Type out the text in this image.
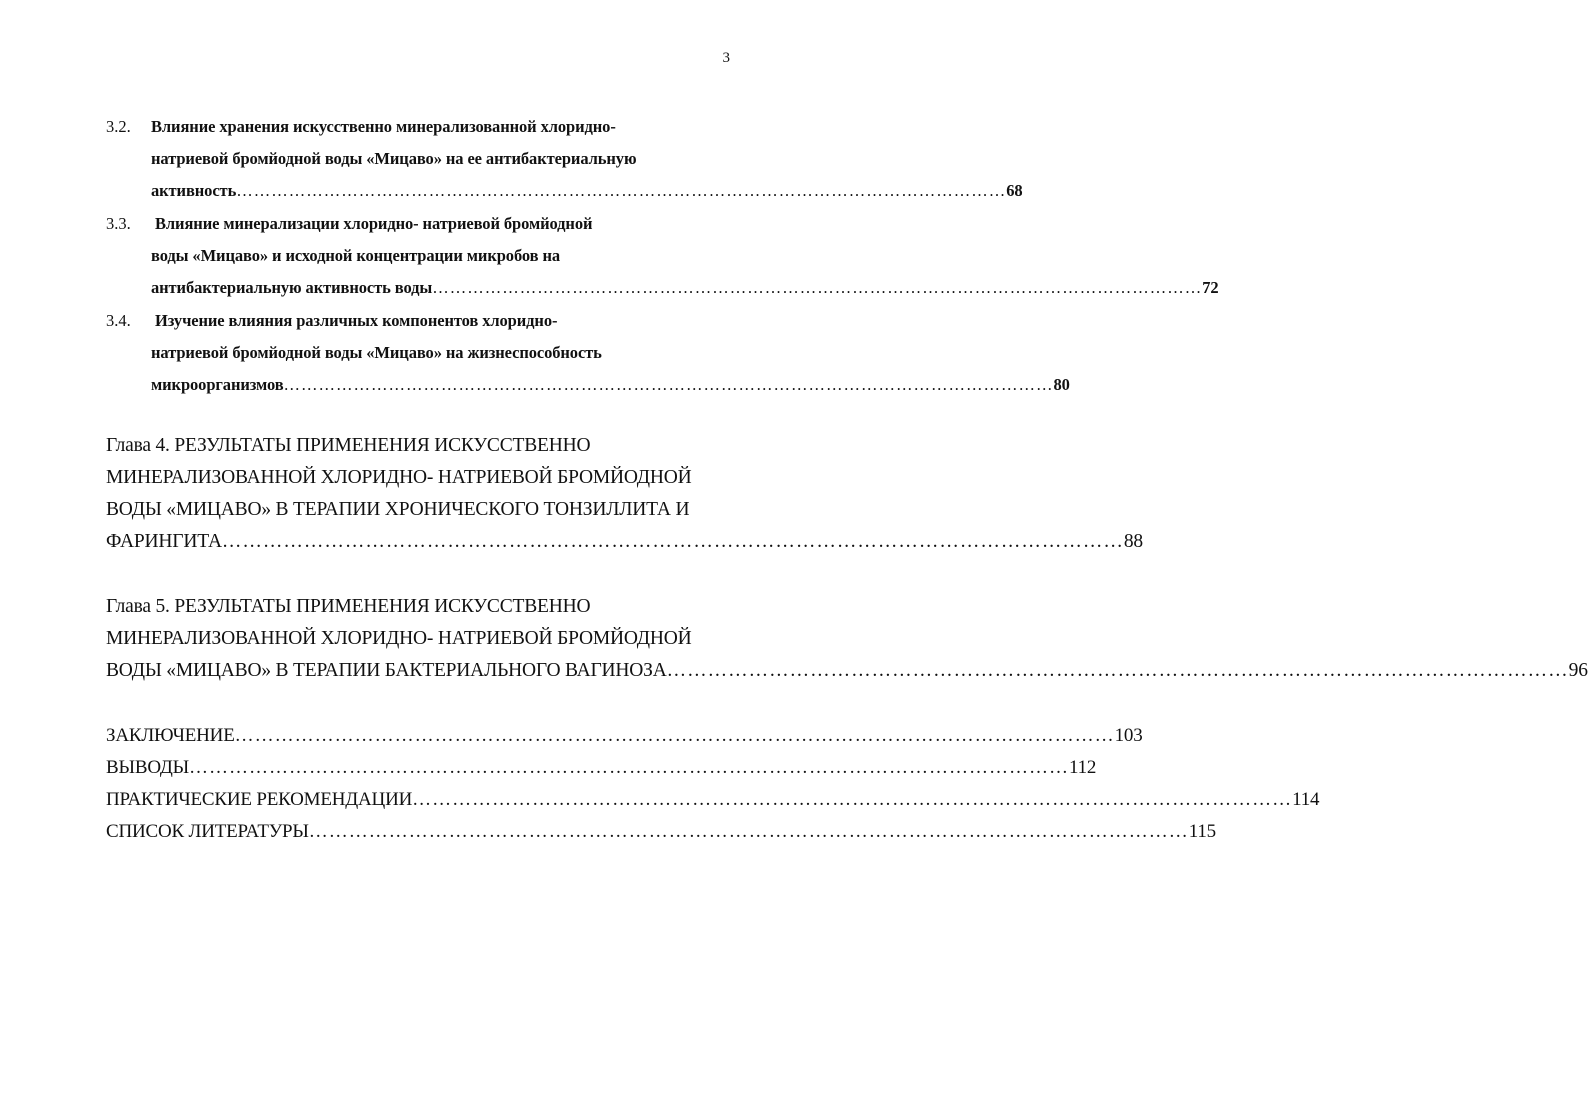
3
3.2. Влияние хранения искусственно минерализованной хлоридно-
натриевой бромйодной воды «Мицаво» на ее антибактериальную
активность …………………………………………………………………………………………………………………… 68
3.3. Влияние минерализации хлоридно- натриевой бромйодной
воды «Мицаво» и исходной концентрации микробов на
антибактериальную активность воды …………………………………………………………………………………………………………………… 72
3.4. Изучение влияния различных компонентов хлоридно-
натриевой бромйодной воды «Мицаво» на жизнеспособность
микроорганизмов …………………………………………………………………………………………………………………… 80
Глава 4. РЕЗУЛЬТАТЫ ПРИМЕНЕНИЯ ИСКУССТВЕННО
МИНЕРАЛИЗОВАННОЙ ХЛОРИДНО- НАТРИЕВОЙ БРОМЙОДНОЙ
ВОДЫ «МИЦАВО» В ТЕРАПИИ ХРОНИЧЕСКОГО ТОНЗИЛЛИТА И
ФАРИНГИТА …………………………………………………………………………………………………………………… 88
Глава 5. РЕЗУЛЬТАТЫ ПРИМЕНЕНИЯ ИСКУССТВЕННО
МИНЕРАЛИЗОВАННОЙ ХЛОРИДНО- НАТРИЕВОЙ БРОМЙОДНОЙ
ВОДЫ «МИЦАВО» В ТЕРАПИИ БАКТЕРИАЛЬНОГО ВАГИНОЗА …………………………………………………………………………………………………………………… 96
ЗАКЛЮЧЕНИЕ …………………………………………………………………………………………………………………… 103
ВЫВОДЫ …………………………………………………………………………………………………………………… 112
ПРАКТИЧЕСКИЕ РЕКОМЕНДАЦИИ …………………………………………………………………………………………………………………… 114
СПИСОК ЛИТЕРАТУРЫ …………………………………………………………………………………………………………………… 115
